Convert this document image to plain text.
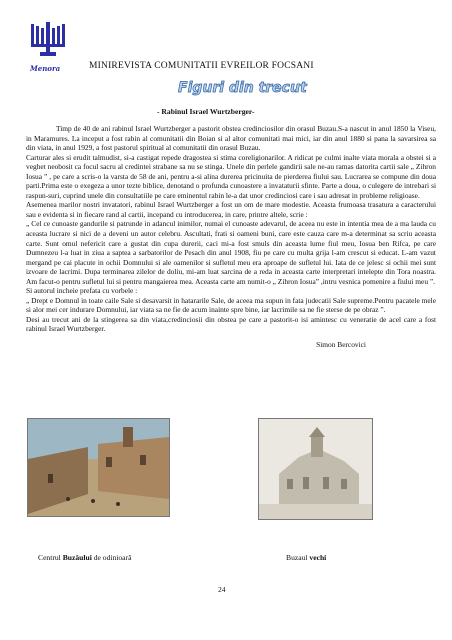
Menora	MINIREVISTA COMUNITATII EVREILOR FOCSANI
Figuri din trecut
- Rabinul Israel Wurtzberger-

Timp de 40 de ani rabinul Israel Wurtzberger a pastorit obstea credinciosilor din orasul Buzau.S-a nascut in anul 1850 la Viseu, in Maramures. La inceput a fost rabin al comunitatii din Boian si al altor comunitati mai mici, iar din anul 1880 si pana la savarsirea sa din viata, in anul 1929, a fost pastorul spiritual al comunitatii din orasul Buzau.

Carturar ales si erudit talmudist, si-a castigat repede dragostea si stima coreligionarilor. A ridicat pe culmi inalte viata morala a obstei si a veghet neobosit ca focul sacru al credintei strabane sa nu se stinga. Unele din perlele gandirii sale ne-au ramas datorita cartii sale „ Zihron Iosua ” , pe care a scris-o la varsta de 58 de ani, pentru a-si alina durerea pricinuita de pierderea fiului sau. Lucrarea se compune din doua parti.Prima este o exegeza a unor tezte biblice, denotand o profunda cunoastere a invataturii sfinte. Parte a doua, o culegere de intrebari si raspun-suri, cuprind unele din consultatiile pe care eminentul rabin le-a dat unor credinciosi care i sau adresat in probleme religioase.

Asemenea marilor nostri invatatori, rabinul Israel Wurtzberger a fost un om de mare modestie. Aceasta frumoasa trasatura a caracterului sau e evidenta si in fiecare rand al cartii, incepand cu introducerea, in care, printre altele, scrie :

„ Cel ce cunoaste gandurile si patrunde in adancul inimilor, numai el cunoaste adevarul, de aceea nu este in intentia mea de a ma lauda cu aceasta lucrare si nici de a deveni un autor celebru. Ascultati, frati si oameni buni, care este cauza care m-a determinat sa scriu aceasta carte. Sunt omul nefericit care a gustat din cupa durerii, caci mi-a fost smuls din aceasta lume fiul meu, Iosua ben Rifca, pe care Dumnezeu l-a luat in ziua a saptea a sarbatorilor de Pesach din anul 1908, fiu pe care cu multa grija l-am crescut si educat. L-am vazut mergand pe cai placute in ochii Domnului si ale oamenilor si sufletul meu era aproape de sufletul lui. Iata de ce jelesc si ochii mei sunt izvoare de lacrimi. Dupa terminarea zilelor de doliu, mi-am luat sarcina de a reda in aceasta carte interpretari intelepte din Tora noastra. Am facut-o pentru sufletul lui si pentru mangaierea mea. Aceasta carte am numit-o „ Zihron Iosua” ,intru vesnica pomenire a fiului meu ”.

Si autorul incheie prefata cu vorbele :

„ Drept e Domnul in toate caile Sale si desavarsit in hatararile Sale, de aceea ma supun in fata judecatii Sale supreme.Pentru pacatele mele si alor mei cer indurare Domnului, iar viata sa ne fie de acum inainte spre bine, iar lacrimile sa ne fie sterse de pe obraz ”.

Desi au trecut ani de la stingerea sa din viata,credinciosii din obstea pe care a pastorit-o isi amintesc cu veneratie de acel care a fost rabinul Israel Wurtzberger.

Simon Bercovici

Centrul Buzăului de odinioară	Buzaul vechi
24
